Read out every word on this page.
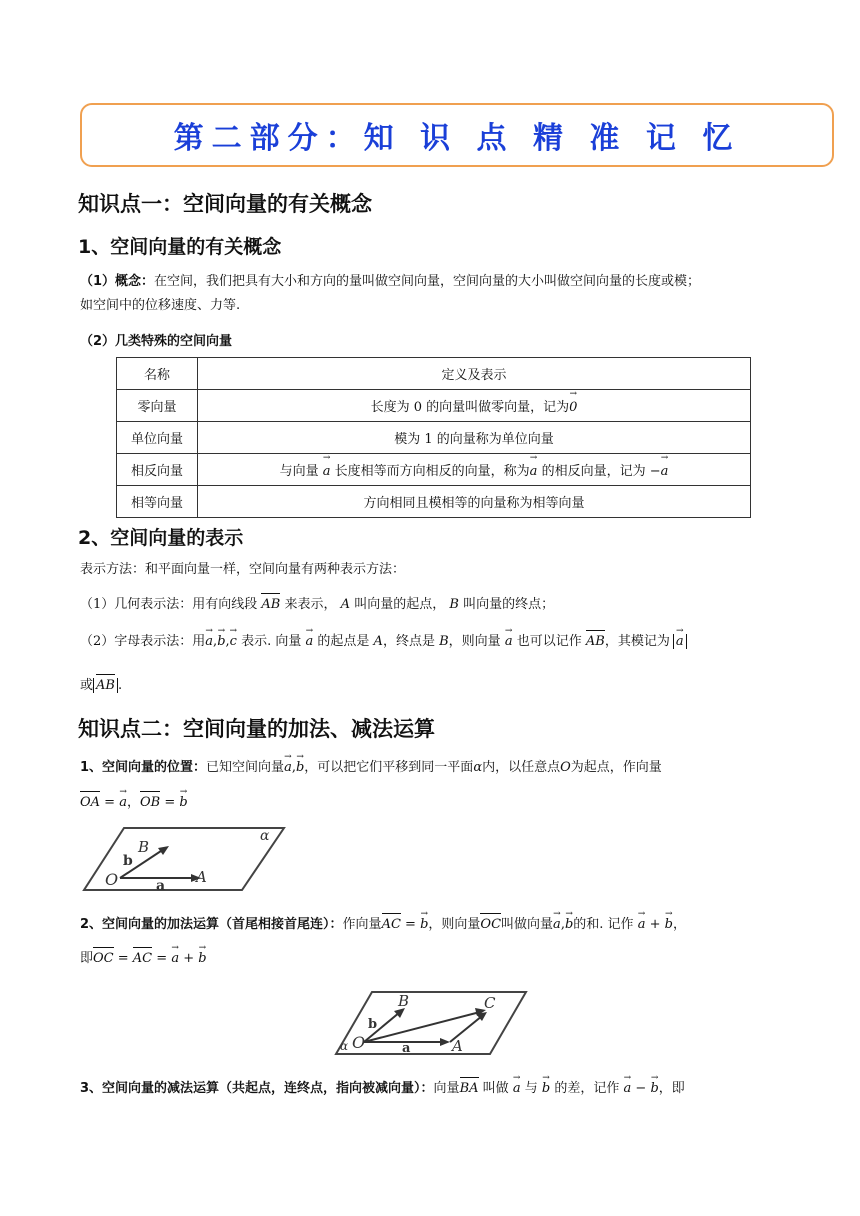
第二部分：知 识 点 精 准 记 忆
知识点一：空间向量的有关概念
1、空间向量的有关概念
（1）概念：在空间，我们把具有大小和方向的量叫做空间向量，空间向量的大小叫做空间向量的长度或模；
如空间中的位移速度、力等.
（2）几类特殊的空间向量
名称	定义及表示
零向量	长度为 0 的向量叫做零向量，记为→ 0
单位向量	模为 1 的向量称为单位向量
相反向量	与向量 → a 长度相等而方向相反的向量，称为→ a 的相反向量，记为 −→ a
相等向量	方向相同且模相等的向量称为相等向量
2、空间向量的表示
表示方法：和平面向量一样，空间向量有两种表示方法：
（1）几何表示法：用有向线段 AB 来表示， A 叫向量的起点， B 叫向量的终点；
（2）字母表示法：用→ a,→ b,→ c 表示. 向量 → a 的起点是 A，终点是 B，则向量 → a 也可以记作 AB，其模记为 → a
或 AB .
知识点二：空间向量的加法、减法运算
1、空间向量的位置：已知空间向量→ a,→ b，可以把它们平移到同一平面α内，以任意点O为起点，作向量
OA = → a，OB = → b
O	A
B
b
a
α
2、空间向量的加法运算（首尾相接首尾连）：作向量AC = → b，则向量OC叫做向量→ a,→ b的和. 记作 → a + → b，
即OC = AC = → a + → b
O
α	A
B	C
b
a
3、空间向量的减法运算（共起点，连终点，指向被减向量）：向量BA 叫做 → a 与 → b 的差，记作 → a − → b，即
